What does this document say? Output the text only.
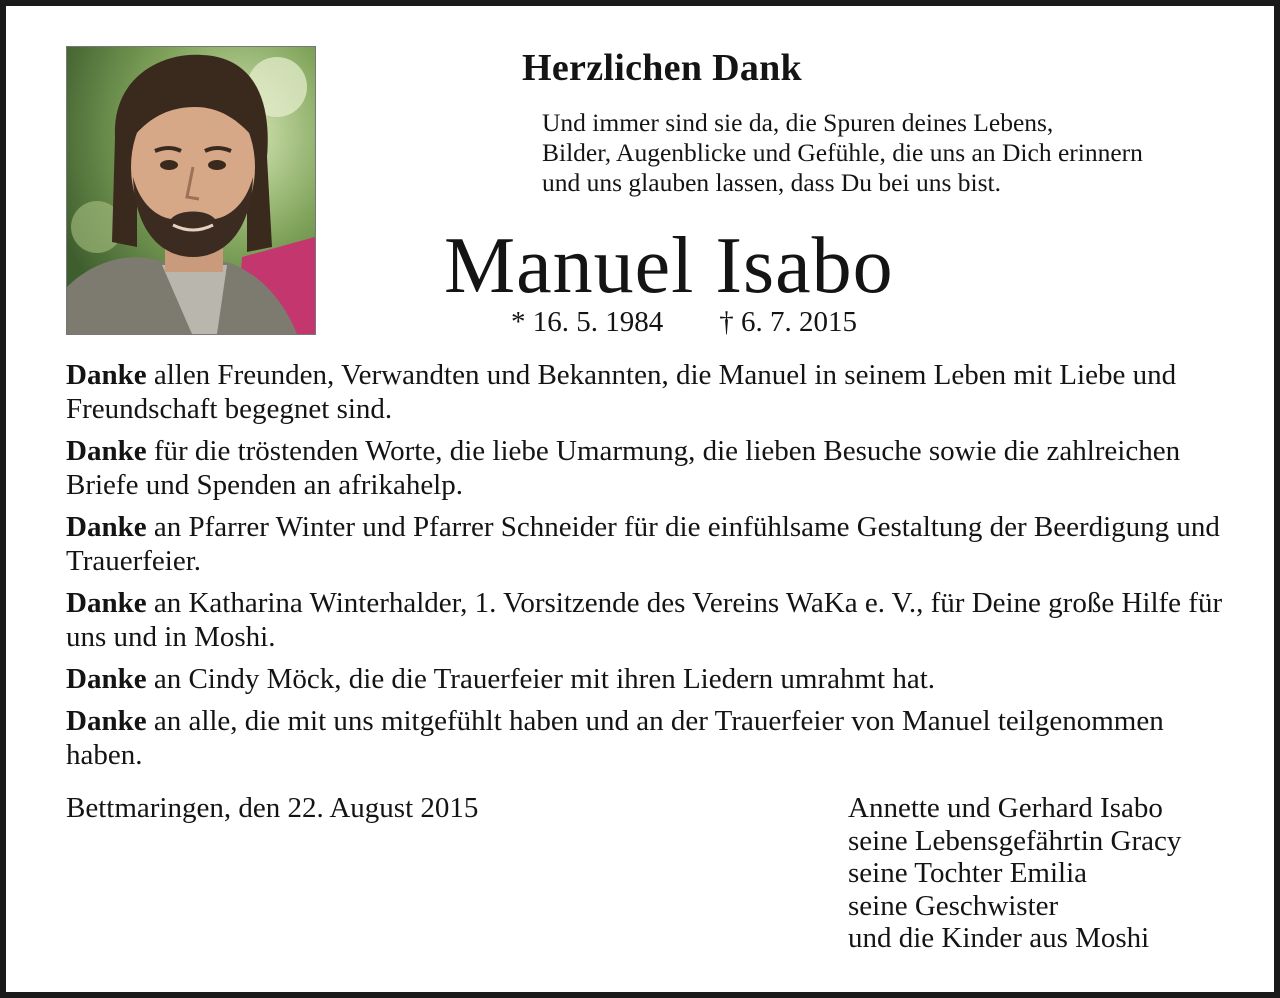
Herzlichen Dank
Und immer sind sie da, die Spuren deines Lebens,
Bilder, Augenblicke und Gefühle, die uns an Dich erinnern
und uns glauben lassen, dass Du bei uns bist.
Manuel Isabo
* 16. 5. 1984 † 6. 7. 2015

Danke allen Freunden, Verwandten und Bekannten, die Manuel in seinem Leben mit Liebe und Freundschaft begegnet sind.

Danke für die tröstenden Worte, die liebe Umarmung, die lieben Besuche sowie die zahlreichen Briefe und Spenden an afrikahelp.

Danke an Pfarrer Winter und Pfarrer Schneider für die einfühlsame Gestaltung der Beerdigung und Trauerfeier.

Danke an Katharina Winterhalder, 1. Vorsitzende des Vereins WaKa e. V., für Deine große Hilfe für uns und in Moshi.

Danke an Cindy Möck, die die Trauerfeier mit ihren Liedern umrahmt hat.

Danke an alle, die mit uns mitgefühlt haben und an der Trauerfeier von Manuel teilgenommen haben.

Bettmaringen, den 22. August 2015	Annette und Gerhard Isabo
seine Lebensgefährtin Gracy
seine Tochter Emilia
seine Geschwister
und die Kinder aus Moshi
